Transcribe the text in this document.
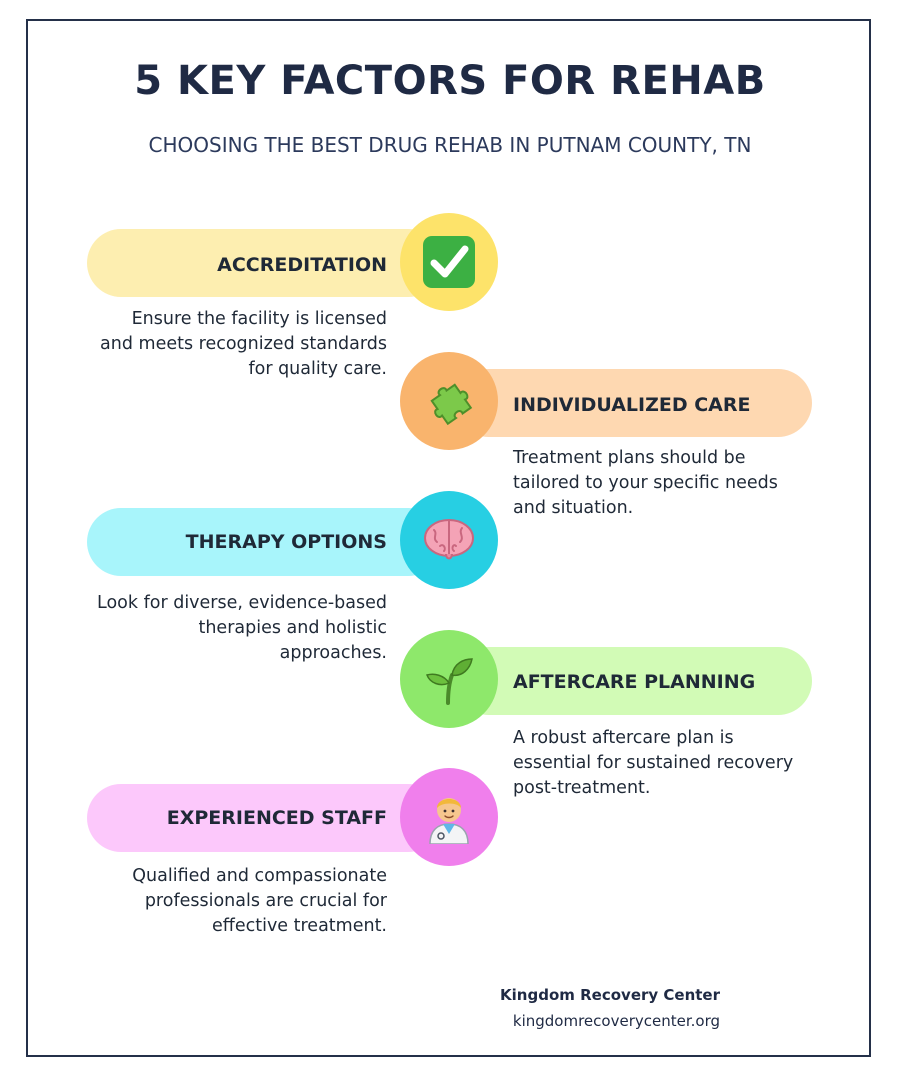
5 KEY FACTORS FOR REHAB

CHOOSING THE BEST DRUG REHAB IN PUTNAM COUNTY, TN

ACCREDITATION
Ensure the facility is licensed and meets recognized standards for quality care.
INDIVIDUALIZED CARE
Treatment plans should be tailored to your specific needs and situation.
THERAPY OPTIONS
Look for diverse, evidence-based therapies and holistic approaches.
AFTERCARE PLANNING
A robust aftercare plan is essential for sustained recovery post-treatment.
EXPERIENCED STAFF
Qualified and compassionate professionals are crucial for effective treatment.
Kingdom Recovery Center
kingdomrecoverycenter.org
